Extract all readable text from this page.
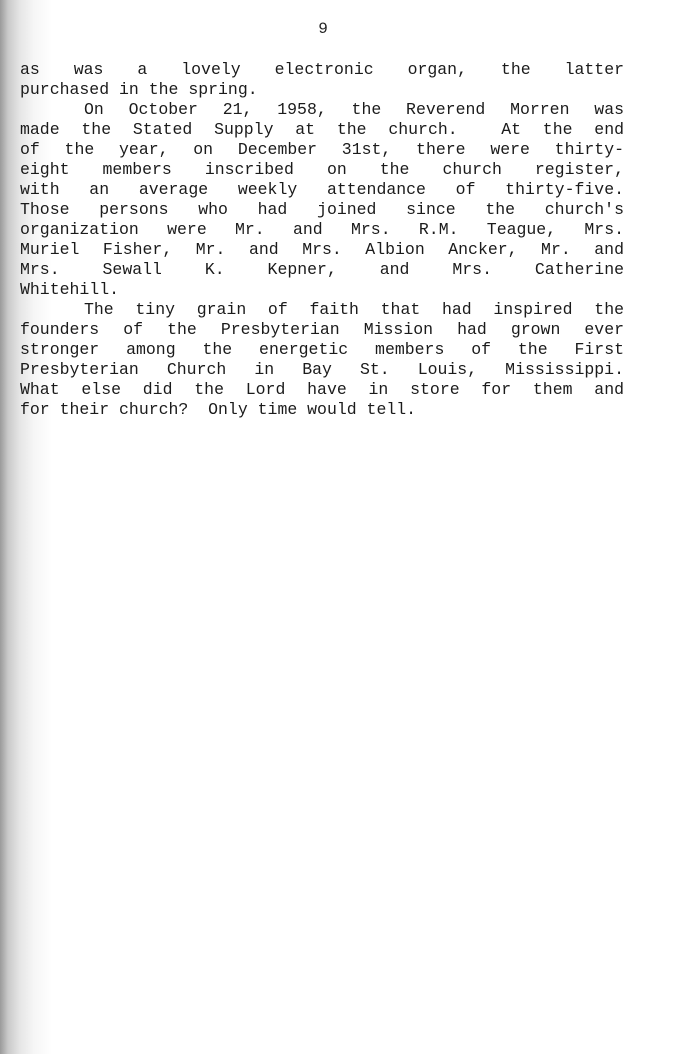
9
as was a lovely electronic organ, the latter
purchased in the spring.
On October 21, 1958, the Reverend Morren was
made the Stated Supply at the church.  At the end
of the year, on December 31st, there were thirty-
eight members inscribed on the church register,
with an average weekly attendance of thirty-five.
Those persons who had joined since the church's
organization were Mr. and Mrs. R.M. Teague, Mrs.
Muriel Fisher, Mr. and Mrs. Albion Ancker, Mr. and
Mrs. Sewall K. Kepner, and Mrs. Catherine
Whitehill.
The tiny grain of faith that had inspired the
founders of the Presbyterian Mission had grown ever
stronger among the energetic members of the First
Presbyterian Church in Bay St. Louis, Mississippi.
What else did the Lord have in store for them and
for their church?  Only time would tell.
